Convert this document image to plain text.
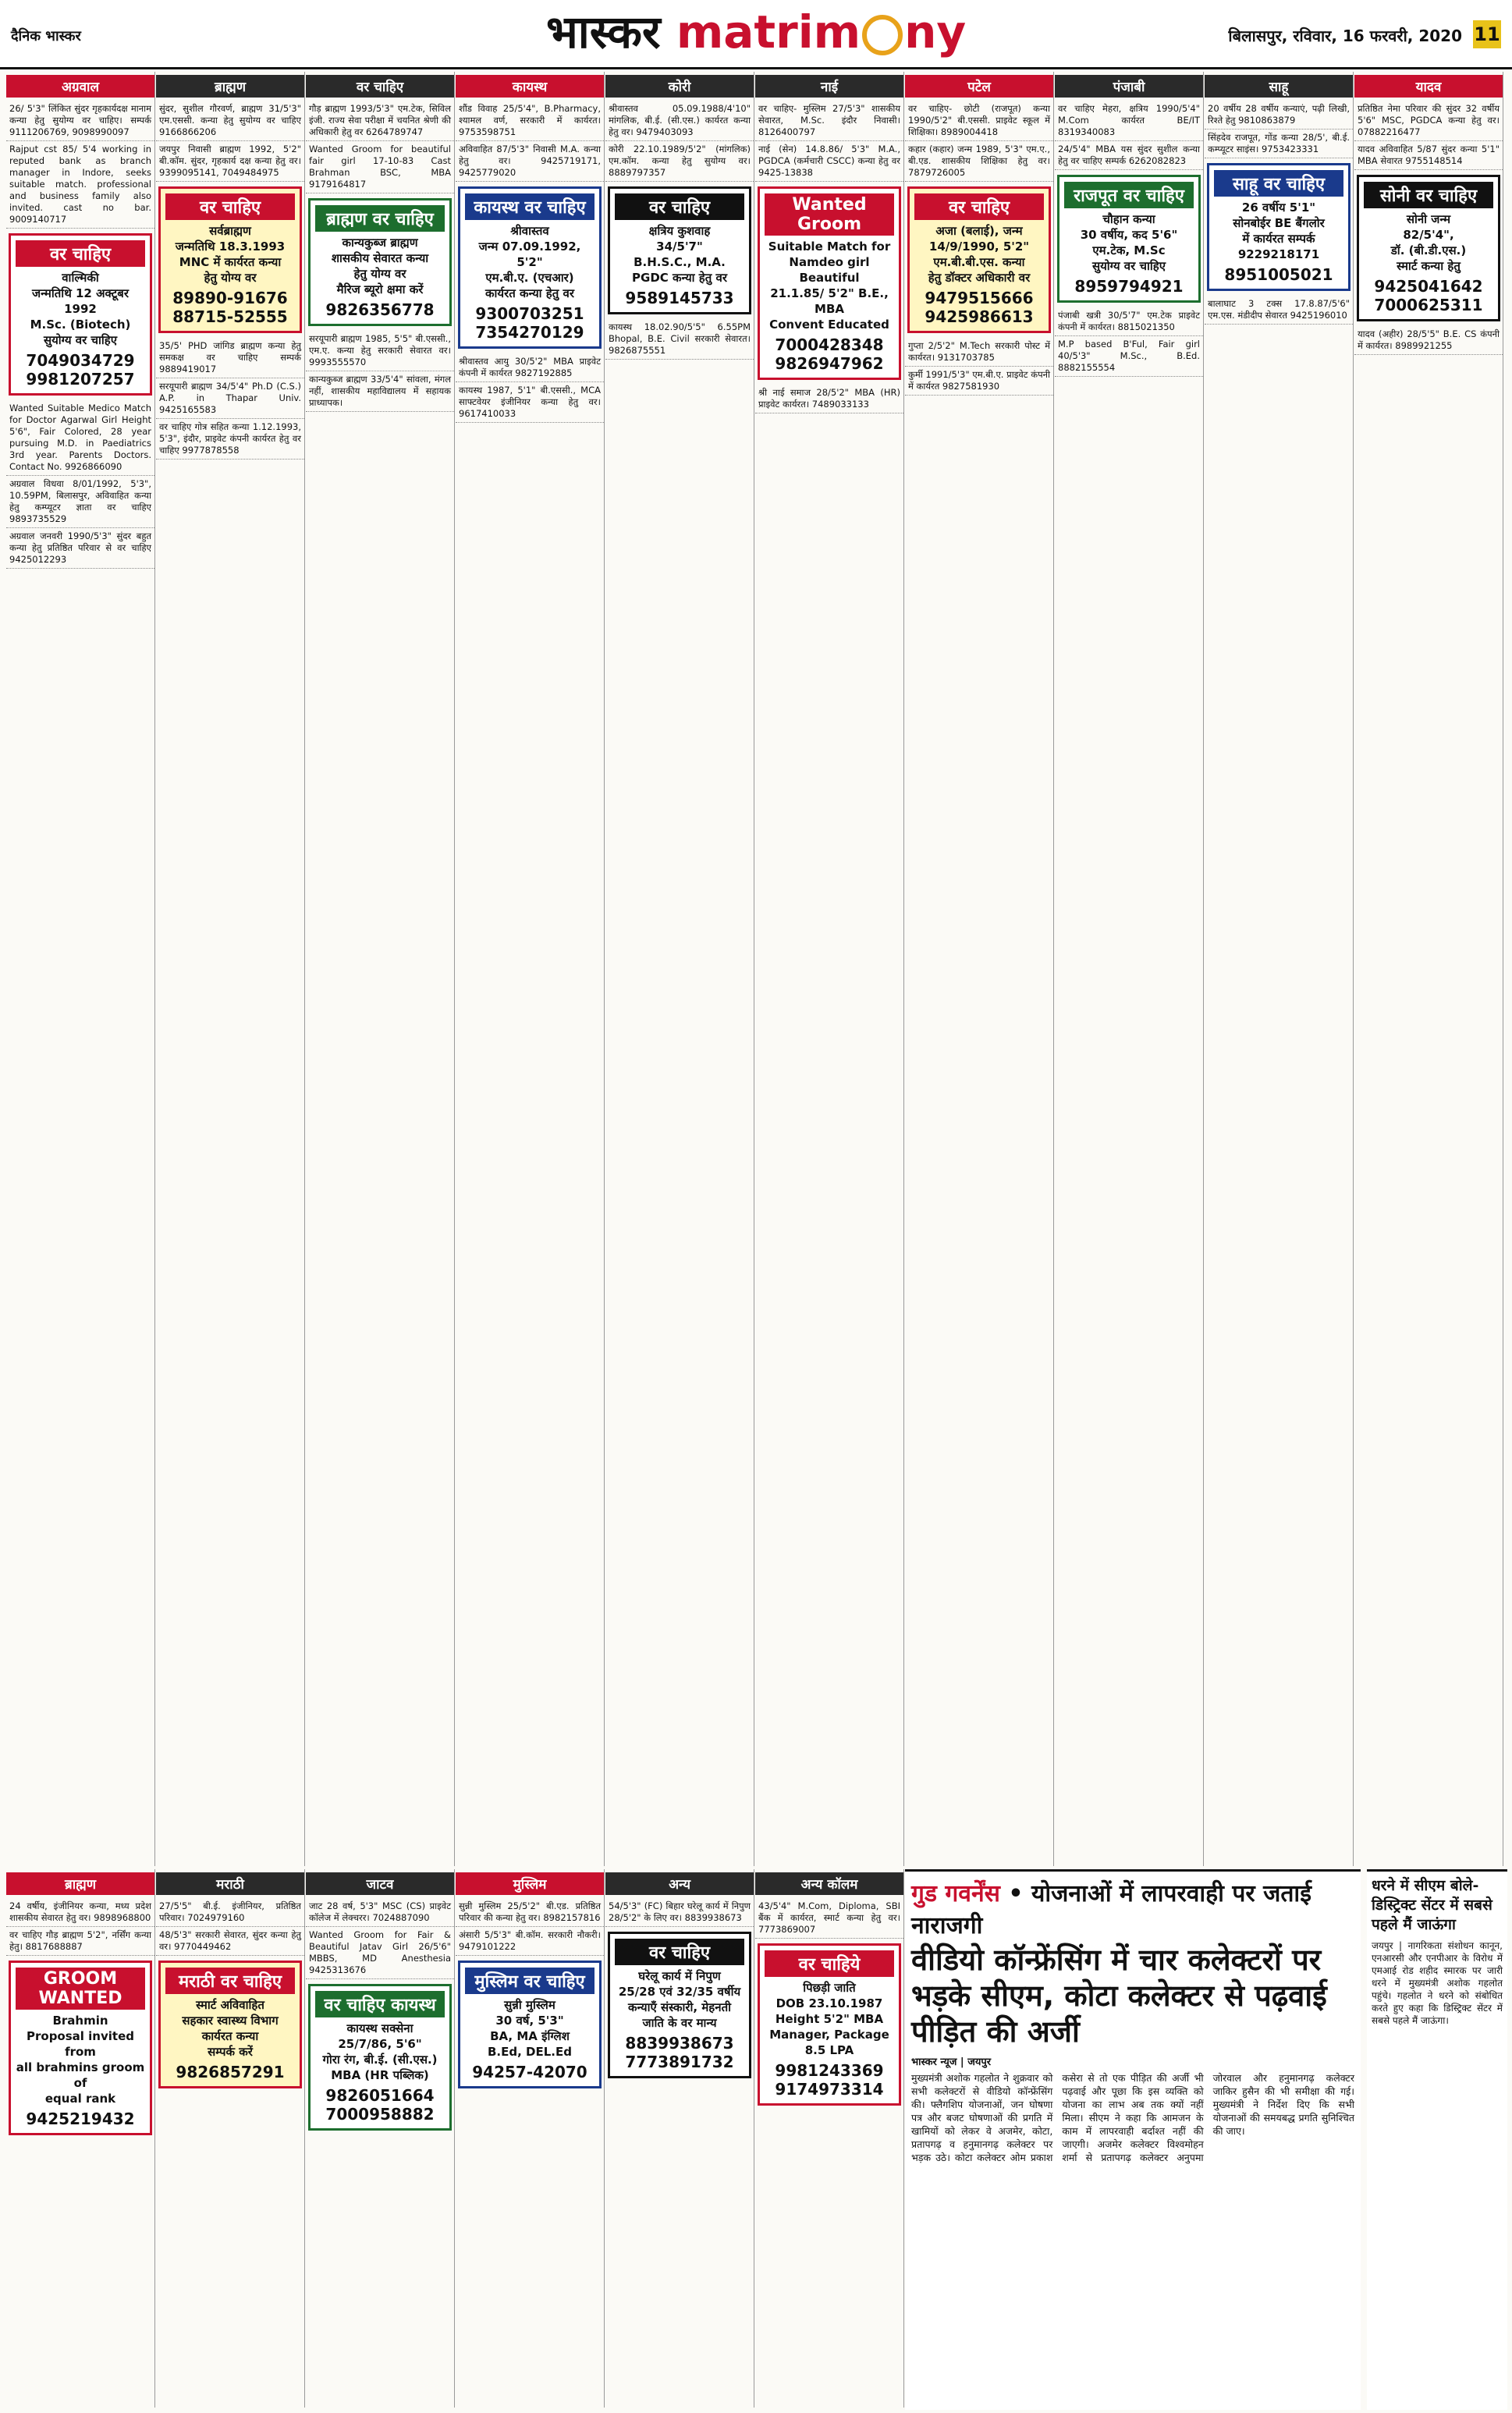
दैनिक भास्कर	भास्कर matrim ny	बिलासपुर, रविवार, 16 फरवरी, 2020 11
अग्रवाल
26/ 5'3" लिंकित सुंदर गृहकार्यदक्ष मानाम कन्या हेतु सुयोग्य वर चाहिए। सम्पर्क 9111206769, 9098990097
Rajput cst 85/ 5'4 working in reputed bank as branch manager in Indore, seeks suitable match. professional and business family also invited. cast no bar. 9009140717
वर चाहिए

वाल्मिकी

जन्मतिथि 12 अक्टूबर 1992

M.Sc. (Biotech)

सुयोग्य वर चाहिए

7049034729 9981207257
Wanted Suitable Medico Match for Doctor Agarwal Girl Height 5'6", Fair Colored, 28 year pursuing M.D. in Paediatrics 3rd year. Parents Doctors. Contact No. 9926866090
अग्रवाल विधवा 8/01/1992, 5'3", 10.59PM, बिलासपुर, अविवाहित कन्या हेतु कम्प्यूटर ज्ञाता वर चाहिए 9893735529
अग्रवाल जनवरी 1990/5'3" सुंदर बहुत कन्या हेतु प्रतिष्ठित परिवार से वर चाहिए 9425012293
ब्राह्मण
सुंदर, सुशील गौरवर्ण, ब्राह्मण 31/5'3" एम.एससी. कन्या हेतु सुयोग्य वर चाहिए 9166866206
जयपुर निवासी ब्राह्मण 1992, 5'2" बी.कॉम. सुंदर, गृहकार्य दक्ष कन्या हेतु वर। 9399095141, 7049484975
वर चाहिए

सर्वब्राह्मण

जन्मतिथि 18.3.1993

MNC में कार्यरत कन्या

हेतु योग्य वर

89890-91676 88715-52555
35/5' PHD जांगिड ब्राह्मण कन्या हेतु समकक्ष वर चाहिए सम्पर्क 9889419017
सरयूपारी ब्राह्मण 34/5'4" Ph.D (C.S.) A.P. in Thapar Univ. 9425165583
वर चाहिए गोत्र सहित कन्या 1.12.1993, 5'3", इंदौर, प्राइवेट कंपनी कार्यरत हेतु वर चाहिए 9977878558
वर चाहिए
गौड़ ब्राह्मण 1993/5'3" एम.टेक, सिविल इंजी. राज्य सेवा परीक्षा में चयनित श्रेणी की अधिकारी हेतु वर 6264789747
Wanted Groom for beautiful fair girl 17-10-83 Cast Brahman BSC, MBA 9179164817
ब्राह्मण वर चाहिए

कान्यकुब्ज ब्राह्मण

शासकीय सेवारत कन्या

हेतु योग्य वर

मैरिज ब्यूरो क्षमा करें

9826356778
सरयूपारी ब्राह्मण 1985, 5'5" बी.एससी., एम.ए. कन्या हेतु सरकारी सेवारत वर। 9993555570
कान्यकुब्ज ब्राह्मण 33/5'4" सांवला, मंगल नहीं, शासकीय महाविद्यालय में सहायक प्राध्यापक।
कायस्थ
शौंड विवाह 25/5'4", B.Pharmacy, श्यामल वर्ण, सरकारी में कार्यरत। 9753598751
अविवाहित 87/5'3" निवासी M.A. कन्या हेतु वर। 9425719171, 9425779020
कायस्थ वर चाहिए

श्रीवास्तव

जन्म 07.09.1992, 5'2"

एम.बी.ए. (एचआर)

कार्यरत कन्या हेतु वर

9300703251 7354270129
श्रीवास्तव आयु 30/5'2" MBA प्राइवेट कंपनी में कार्यरत 9827192885
कायस्थ 1987, 5'1" बी.एससी., MCA साफ्टवेयर इंजीनियर कन्या हेतु वर। 9617410033
कोरी
श्रीवास्तव 05.09.1988/4'10" मांगलिक, बी.ई. (सी.एस.) कार्यरत कन्या हेतु वर। 9479403093
कोरी 22.10.1989/5'2" (मांगलिक) एम.कॉम. कन्या हेतु सुयोग्य वर। 8889797357
वर चाहिए

क्षत्रिय कुशवाह

34/5'7"

B.H.S.C., M.A.

PGDC कन्या हेतु वर

9589145733
कायस्थ 18.02.90/5'5" 6.55PM Bhopal, B.E. Civil सरकारी सेवारत। 9826875551
नाई
वर चाहिए- मुस्लिम 27/5'3" शासकीय सेवारत, M.Sc. इंदौर निवासी। 8126400797
नाई (सेन) 14.8.86/ 5'3" M.A., PGDCA (कर्मचारी CSCC) कन्या हेतु वर 9425-13838
Wanted Groom

Suitable Match for

Namdeo girl Beautiful

21.1.85/ 5'2" B.E., MBA

Convent Educated

7000428348 9826947962
श्री नाई समाज 28/5'2" MBA (HR) प्राइवेट कार्यरत। 7489033133
पटेल
वर चाहिए- छोटी (राजपूत) कन्या 1990/5'2" बी.एससी. प्राइवेट स्कूल में शिक्षिका। 8989004418
कहार (कहार) जन्म 1989, 5'3" एम.ए., बी.एड. शासकीय शिक्षिका हेतु वर। 7879726005
वर चाहिए

अजा (बलाई), जन्म

14/9/1990, 5'2"

एम.बी.बी.एस. कन्या

हेतु डॉक्टर अधिकारी वर

9479515666 9425986613
गुप्ता 2/5'2" M.Tech सरकारी पोस्ट में कार्यरत। 9131703785
कुर्मी 1991/5'3" एम.बी.ए. प्राइवेट कंपनी में कार्यरत 9827581930
पंजाबी
वर चाहिए मेहरा, क्षत्रिय 1990/5'4" M.Com कार्यरत BE/IT 8319340083
24/5'4" MBA यस सुंदर सुशील कन्या हेतु वर चाहिए सम्पर्क 6262082823
राजपूत वर चाहिए

चौहान कन्या

30 वर्षीय, कद 5'6"

एम.टेक, M.Sc

सुयोग्य वर चाहिए

8959794921
पंजाबी खत्री 30/5'7" एम.टेक प्राइवेट कंपनी में कार्यरत। 8815021350
M.P based B'Ful, Fair girl 40/5'3" M.Sc., B.Ed. 8882155554
साहू
20 वर्षीय 28 वर्षीय कन्याएं, पढ़ी लिखी, रिश्ते हेतु 9810863879
सिंहदेव राजपूत, गोंड कन्या 28/5', बी.ई. कम्प्यूटर साइंस। 9753423331
साहू वर चाहिए

26 वर्षीय 5'1"

सोनबोईर BE बैंगलोर

में कार्यरत सम्पर्क

9229218171

8951005021
बालाघाट 3 टक्स 17.8.87/5'6" एम.एस. मंडीदीप सेवारत 9425196010
यादव
प्रतिष्ठित नेमा परिवार की सुंदर 32 वर्षीय 5'6" MSC, PGDCA कन्या हेतु वर। 07882216477
यादव अविवाहित 5/87 सुंदर कन्या 5'1" MBA सेवारत 9755148514
सोनी वर चाहिए

सोनी जन्म

82/5'4",

डॉ. (बी.डी.एस.)

स्मार्ट कन्या हेतु

9425041642 7000625311
यादव (अहीर) 28/5'5" B.E. CS कंपनी में कार्यरत। 8989921255
ब्राह्मण
24 वर्षीय, इंजीनियर कन्या, मध्य प्रदेश शासकीय सेवारत हेतु वर। 9898968800
वर चाहिए गौड़ ब्राह्मण 5'2", नर्सिंग कन्या हेतु। 8817688887
GROOM WANTED

Brahmin

Proposal invited from

all brahmins groom of

equal rank

9425219432
मराठी
27/5'5" बी.ई. इंजीनियर, प्रतिष्ठित परिवार। 7024979160
48/5'3" सरकारी सेवारत, सुंदर कन्या हेतु वर। 9770449462
मराठी वर चाहिए

स्मार्ट अविवाहित

सहकार स्वास्थ्य विभाग

कार्यरत कन्या

सम्पर्क करें

9826857291
जाटव
जाट 28 वर्ष, 5'3" MSC (CS) प्राइवेट कॉलेज में लेक्चरर। 7024887090
Wanted Groom for Fair & Beautiful Jatav Girl 26/5'6" MBBS, MD Anesthesia 9425313676
वर चाहिए कायस्थ

कायस्थ सक्सेना

25/7/86, 5'6"

गोरा रंग, बी.ई. (सी.एस.)

MBA (HR पब्लिक)

9826051664 7000958882
मुस्लिम
सुन्नी मुस्लिम 25/5'2" बी.एड. प्रतिष्ठित परिवार की कन्या हेतु वर। 8982157816
अंसारी 5/5'3" बी.कॉम. सरकारी नौकरी। 9479101222
मुस्लिम वर चाहिए

सुन्नी मुस्लिम

30 वर्ष, 5'3"

BA, MA इंग्लिश

B.Ed, DEL.Ed

94257-42070
अन्य
54/5'3" (FC) बिहार घरेलू कार्य में निपुण 28/5'2" के लिए वर। 8839938673
वर चाहिए

घरेलू कार्य में निपुण

25/28 एवं 32/35 वर्षीय

कन्याएँ संस्कारी, मेहनती

जाति के वर मान्य

8839938673 7773891732
अन्य कॉलम
43/5'4" M.Com, Diploma, SBI बैंक में कार्यरत, स्मार्ट कन्या हेतु वर। 7773869007
वर चाहिये

पिछड़ी जाति

DOB 23.10.1987

Height 5'2" MBA

Manager, Package 8.5 LPA

9981243369 9174973314
गुड गवर्नेंस • योजनाओं में लापरवाही पर जताई नाराजगी
वीडियो कॉन्फ्रेंसिंग में चार कलेक्टरों पर भड़के सीएम, कोटा कलेक्टर से पढ़वाई पीड़ित की अर्जी
भास्कर न्यूज | जयपुर
मुख्यमंत्री अशोक गहलोत ने शुक्रवार को सभी कलेक्टरों से वीडियो कॉन्फ्रेंसिंग की। फ्लैगशिप योजनाओं, जन घोषणा पत्र और बजट घोषणाओं की प्रगति में खामियों को लेकर वे अजमेर, कोटा, प्रतापगढ़ व हनुमानगढ़ कलेक्टर पर भड़क उठे। कोटा कलेक्टर ओम प्रकाश कसेरा से तो एक पीड़ित की अर्जी भी पढ़वाई और पूछा कि इस व्यक्ति को योजना का लाभ अब तक क्यों नहीं मिला। सीएम ने कहा कि आमजन के काम में लापरवाही बर्दाश्त नहीं की जाएगी। अजमेर कलेक्टर विश्वमोहन शर्मा से प्रतापगढ़ कलेक्टर अनुपमा जोरवाल और हनुमानगढ़ कलेक्टर जाकिर हुसैन की भी समीक्षा की गई। मुख्यमंत्री ने निर्देश दिए कि सभी योजनाओं की समयबद्ध प्रगति सुनिश्चित की जाए।
धरने में सीएम बोले-डिस्ट्रिक्ट सेंटर में सबसे पहले मैं जाऊंगा
जयपुर | नागरिकता संशोधन कानून, एनआरसी और एनपीआर के विरोध में एमआई रोड शहीद स्मारक पर जारी धरने में मुख्यमंत्री अशोक गहलोत पहुंचे। गहलोत ने धरने को संबोधित करते हुए कहा कि डिस्ट्रिक्ट सेंटर में सबसे पहले मैं जाऊंगा।
